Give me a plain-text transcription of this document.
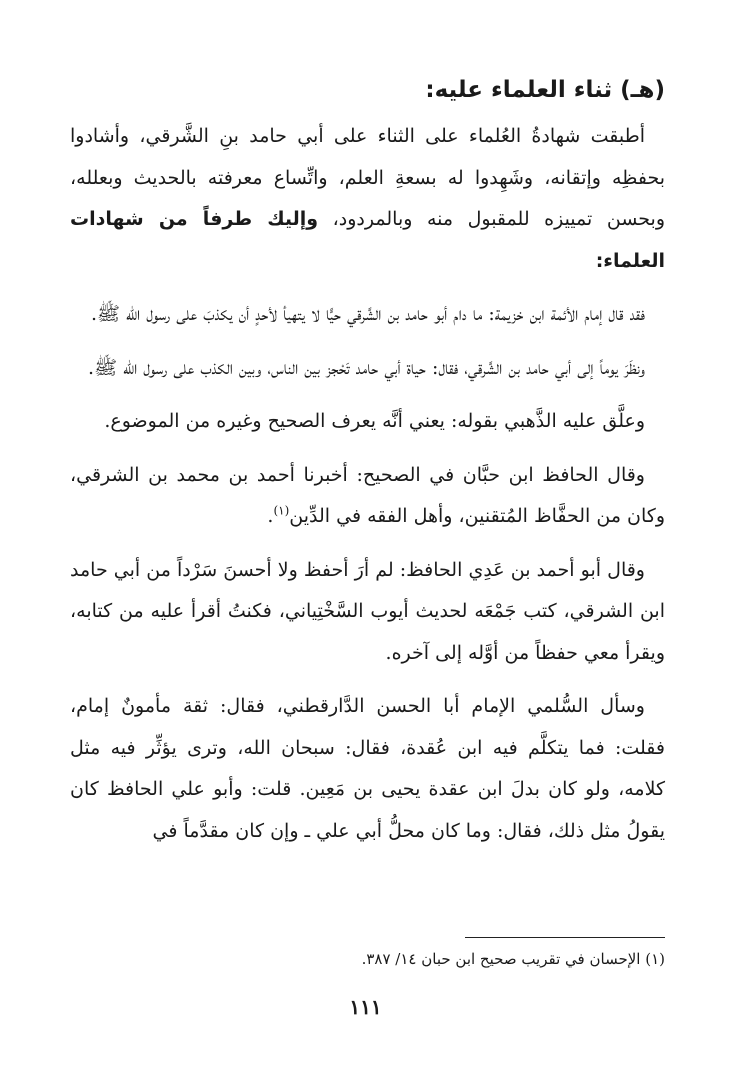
(هـ) ثناء العلماء عليه:

أطبقت شهادةُ العُلماء على الثناء على أبي حامد بنِ الشَّرقي، وأشادوا بحفظِه وإتقانه، وشَهِدوا له بسعةِ العلم، واتِّساع معرفته بالحديث وبعلله، وبحسن تمييزه للمقبول منه وبالمردود، وإليك طرفاً من شهادات العلماء:

فقد قال إمام الأئمة ابن خزيمة: ما دام أبو حامد بن الشَّرقي حيًّا لا يتهيأ لأحدٍ أن يكذبَ على رسول الله ﷺ.

ونظَرَ يوماً إلى أبي حامد بن الشَّرقي، فقال: حياة أبي حامد تَحْجز بين الناس، وبين الكذب على رسول الله ﷺ.

وعلَّق عليه الذَّهبي بقوله: يعني أنَّه يعرف الصحيح وغيره من الموضوع.

وقال الحافظ ابن حبَّان في الصحيح: أخبرنا أحمد بن محمد بن الشرقي، وكان من الحفَّاظ المُتقنين، وأهل الفقه في الدِّين$^{(١)}$.

وقال أبو أحمد بن عَدِي الحافظ: لم أرَ أحفظ ولا أحسنَ سَرْداً من أبي حامد ابن الشرقي، كتب جَمْعَه لحديث أيوب السَّخْتِياني، فكنتُ أقرأ عليه من كتابه، ويقرأ معي حفظاً من أوَّله إلى آخره.

وسأل السُّلمي الإمام أبا الحسن الدَّارقطني، فقال: ثقة مأمونٌ إمام، فقلت: فما يتكلَّم فيه ابن عُقدة، فقال: سبحان الله، وترى يؤثِّر فيه مثل كلامه، ولو كان بدلَ ابن عقدة يحيى بن مَعِين. قلت: وأبو علي الحافظ كان يقولُ مثل ذلك، فقال: وما كان محلُّ أبي علي ـ وإن كان مقدَّماً في

(١) الإحسان في تقريب صحيح ابن حبان ١٤/ ٣٨٧.
١١١
